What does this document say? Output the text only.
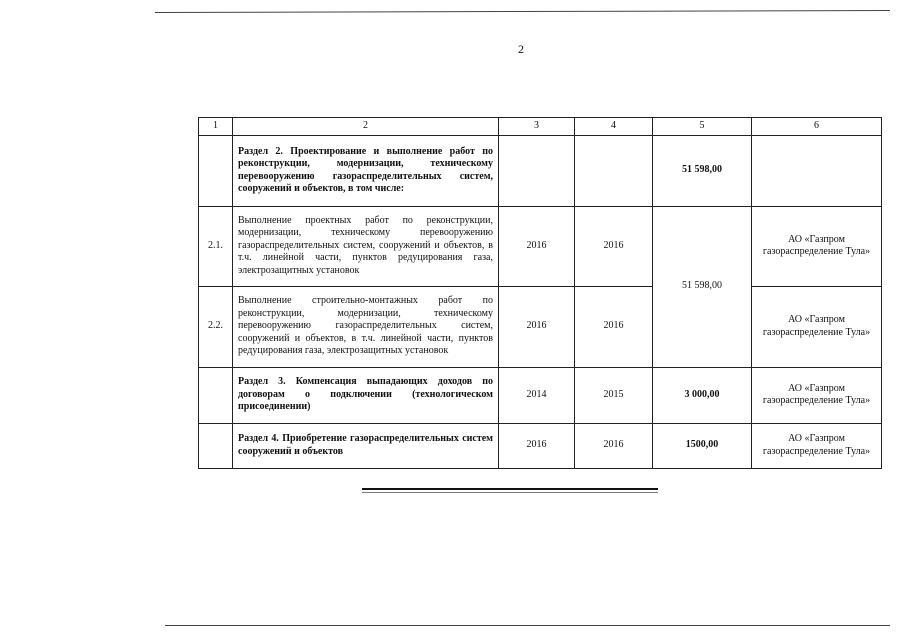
2
1	2	3	4	5	6
	Раздел 2. Проектирование и выполнение работ по реконструкции, модернизации, техническому перевооружению газораспределительных систем, сооружений и объектов, в том числе:			51 598,00	
2.1.	Выполнение проектных работ по реконструкции, модернизации, техническому перевооружению газораспределительных систем, сооружений и объектов, в т.ч. линейной части, пунктов редуцирования газа, электрозащитных установок	2016	2016	51 598,00	АО «Газпром газораспределение Тула»
2.2.	Выполнение строительно-монтажных работ по реконструкции, модернизации, техническому перевооружению газораспределительных систем, сооружений и объектов, в т.ч. линейной части, пунктов редуцирования газа, электрозащитных установок	2016	2016		АО «Газпром газораспределение Тула»
	Раздел 3. Компенсация выпадающих доходов по договорам о подключении (технологическом присоединении)	2014	2015	3 000,00	АО «Газпром газораспределение Тула»
	Раздел 4. Приобретение газораспределительных систем сооружений и объектов	2016	2016	1500,00	АО «Газпром газораспределение Тула»
